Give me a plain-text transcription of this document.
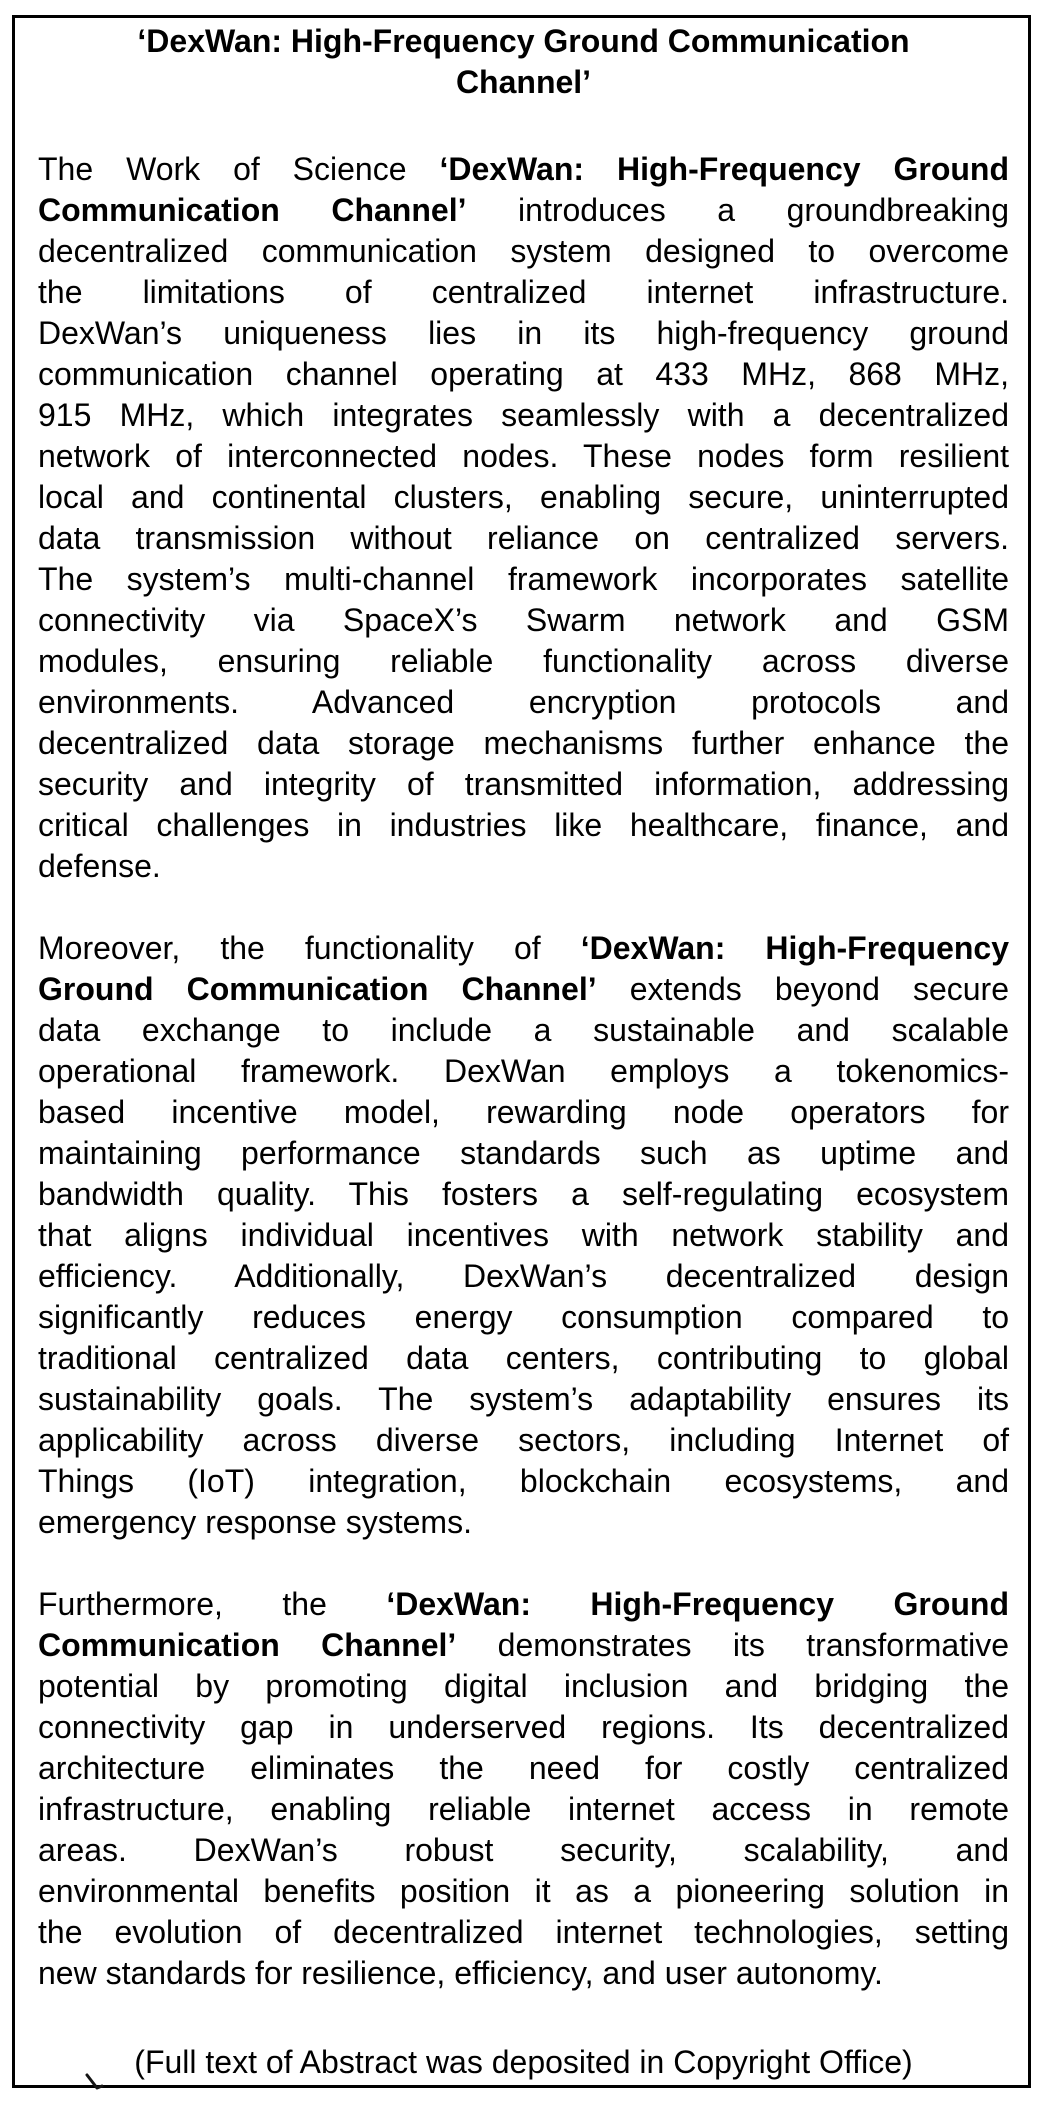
‘DexWan: High-Frequency Ground Communication
Channel’
The Work of Science ‘DexWan: High-Frequency Ground
Communication Channel’ introduces a groundbreaking
decentralized communication system designed to overcome
the limitations of centralized internet infrastructure.
DexWan’s uniqueness lies in its high-frequency ground
communication channel operating at 433 MHz, 868 MHz,
915 MHz, which integrates seamlessly with a decentralized
network of interconnected nodes. These nodes form resilient
local and continental clusters, enabling secure, uninterrupted
data transmission without reliance on centralized servers.
The system’s multi-channel framework incorporates satellite
connectivity via SpaceX’s Swarm network and GSM
modules, ensuring reliable functionality across diverse
environments. Advanced encryption protocols and
decentralized data storage mechanisms further enhance the
security and integrity of transmitted information, addressing
critical challenges in industries like healthcare, finance, and
defense.
Moreover, the functionality of ‘DexWan: High-Frequency
Ground Communication Channel’ extends beyond secure
data exchange to include a sustainable and scalable
operational framework. DexWan employs a tokenomics-
based incentive model, rewarding node operators for
maintaining performance standards such as uptime and
bandwidth quality. This fosters a self-regulating ecosystem
that aligns individual incentives with network stability and
efficiency. Additionally, DexWan’s decentralized design
significantly reduces energy consumption compared to
traditional centralized data centers, contributing to global
sustainability goals. The system’s adaptability ensures its
applicability across diverse sectors, including Internet of
Things (IoT) integration, blockchain ecosystems, and
emergency response systems.
Furthermore, the ‘DexWan: High-Frequency Ground
Communication Channel’ demonstrates its transformative
potential by promoting digital inclusion and bridging the
connectivity gap in underserved regions. Its decentralized
architecture eliminates the need for costly centralized
infrastructure, enabling reliable internet access in remote
areas. DexWan’s robust security, scalability, and
environmental benefits position it as a pioneering solution in
the evolution of decentralized internet technologies, setting
new standards for resilience, efficiency, and user autonomy.
(Full text of Abstract was deposited in Copyright Office)
